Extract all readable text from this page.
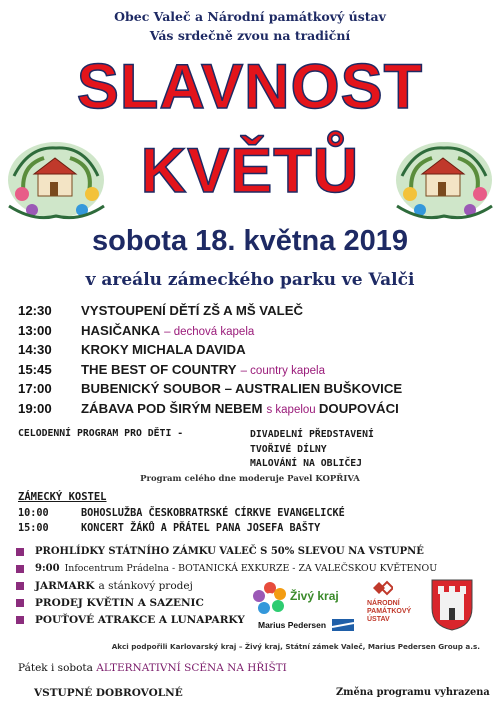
Obec Valeč a Národní památkový ústav
Vás srdečně zvou na tradiční
SLAVNOST
KVĚTŮ
sobota 18. května 2019
v areálu zámeckého parku ve Valči
12:30	VYSTOUPENÍ DĚTÍ ZŠ A MŠ VALEČ
13:00	HASIČANKA – dechová kapela
14:30	KROKY MICHALA DAVIDA
15:45	THE BEST OF COUNTRY – country kapela
17:00	BUBENICKÝ SOUBOR – AUSTRALIEN BUŠKOVICE
19:00	ZÁBAVA POD ŠIRÝM NEBEM s kapelou DOUPOVÁCI
CELODENNÍ PROGRAM PRO DĚTI -	DIVADELNÍ PŘEDSTAVENÍ
TVOŘIVÉ DÍLNY
MALOVÁNÍ NA OBLIČEJ
Program celého dne moderuje Pavel KOPŘIVA
ZÁMECKÝ KOSTEL
10:00	BOHOSLUŽBA ČESKOBRATRSKÉ CÍRKVE EVANGELICKÉ
15:00	KONCERT ŽÁKŮ A PŘÁTEL PANA JOSEFA BAŠTY
PROHLÍDKY STÁTNÍHO ZÁMKU VALEČ S 50% SLEVOU NA VSTUPNÉ
9:00 Infocentrum Prádelna - BOTANICKÁ EXKURZE - ZA VALEČSKOU KVĚTENOU
JARMARK a stánkový prodej
PRODEJ KVĚTIN A SAZENIC
POUŤOVÉ ATRAKCE A LUNAPARKY
Živý kraj
Marius Pedersen
NÁRODNÍ
PAMÁTKOVÝ
ÚSTAV
Akci podpořili Karlovarský kraj – Živý kraj, Státní zámek Valeč, Marius Pedersen Group a.s.
Pátek i sobota ALTERNATIVNÍ SCÉNA NA HŘIŠTI
VSTUPNÉ DOBROVOLNÉ	Změna programu vyhrazena
